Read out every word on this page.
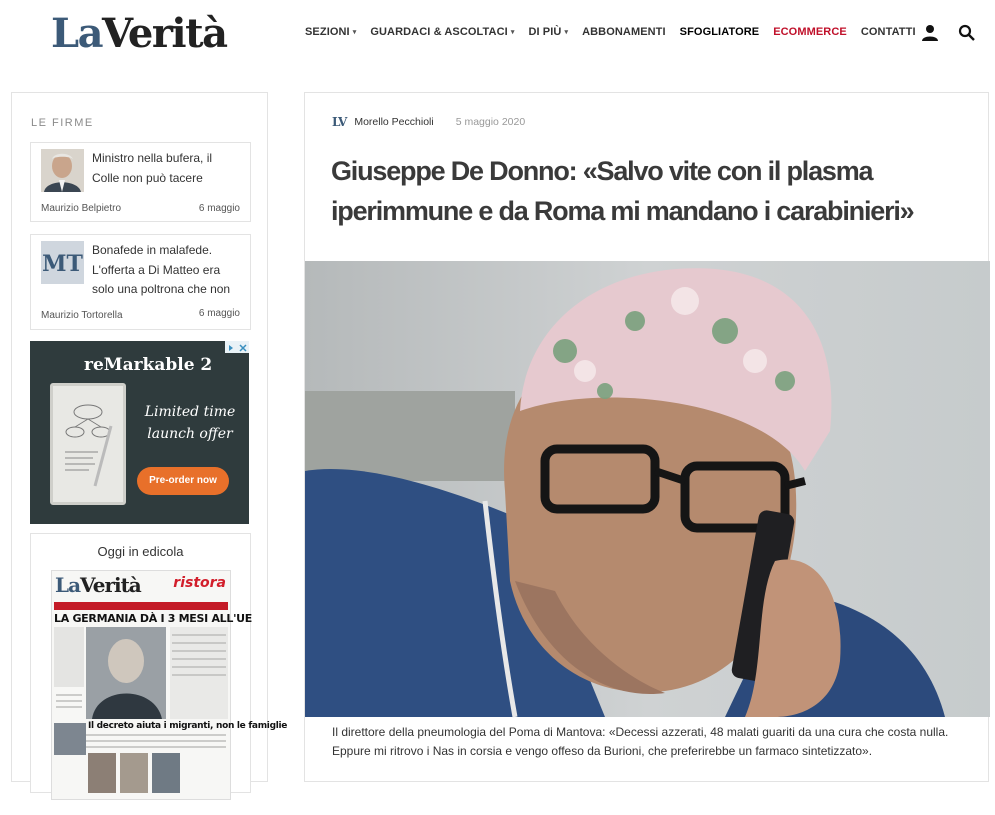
LaVerità	SEZIONI ▾ GUARDACI & ASCOLTACI ▾ DI PIÙ ▾ ABBONAMENTI SFOGLIATORE ECOMMERCE CONTATTI
LE FIRME
Ministro nella bufera, il Colle non può tacere
Maurizio Belpietro	6 maggio
MT
Bonafede in malafede. L'offerta a Di Matteo era solo una poltrona che non
Maurizio Tortorella	6 maggio
reMarkable 2
Limited time launch offer
Pre-order now
Oggi in edicola
LaVerità ristora
LA GERMANIA DÀ I 3 MESI ALL'UE
Il decreto aiuta i migranti, non le famiglie
LV Morello Pecchioli 5 maggio 2020
Giuseppe De Donno: «Salvo vite con il plasma iperimmune e da Roma mi mandano i carabinieri»
Il direttore della pneumologia del Poma di Mantova: «Decessi azzerati, 48 malati guariti da una cura che costa nulla. Eppure mi ritrovo i Nas in corsia e vengo offeso da Burioni, che preferirebbe un farmaco sintetizzato».
